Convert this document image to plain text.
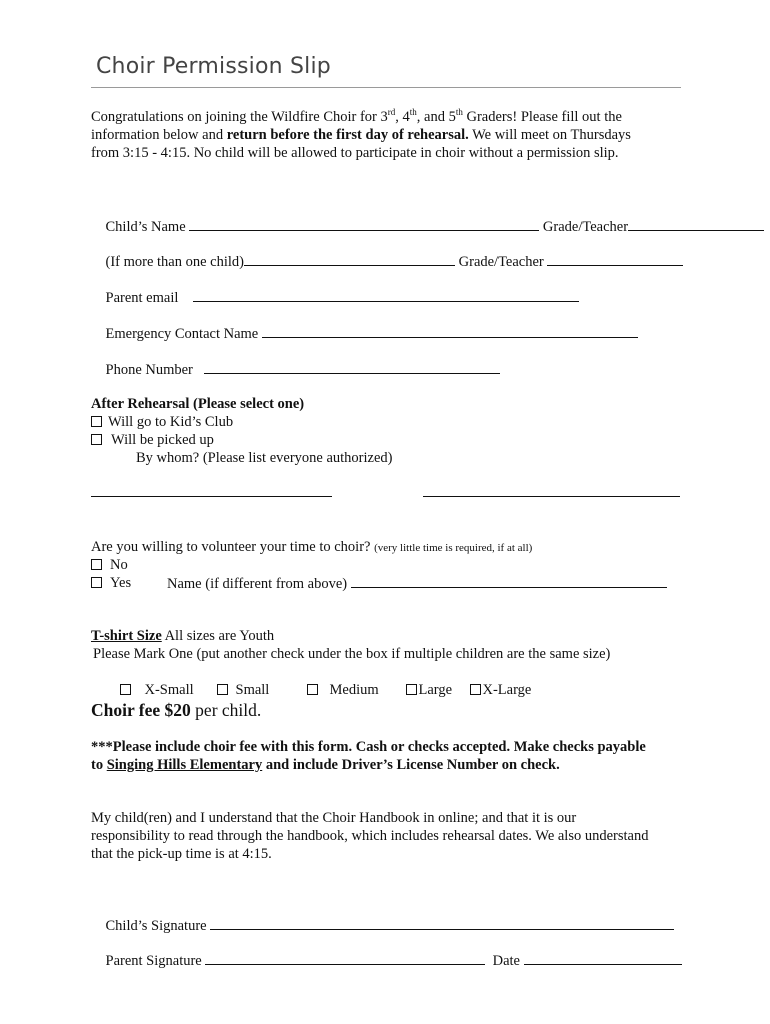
Choir Permission Slip
Congratulations on joining the Wildfire Choir for 3rd, 4th, and 5th Graders! Please fill out the
information below and return before the first day of rehearsal. We will meet on Thursdays
from 3:15 - 4:15. No child will be allowed to participate in choir without a permission slip.

Child’s Name	Grade/Teacher

(If more than one child)	Grade/Teacher

Parent email

Emergency Contact Name

Phone Number

After Rehearsal (Please select one)
Will go to Kid’s Club
Will be picked up
By whom? (Please list everyone authorized)
Are you willing to volunteer your time to choir? (very little time is required, if at all)
No
Yes Name (if different from above)
T-shirt Size All sizes are Youth
Please Mark One (put another check under the box if multiple children are the same size)

X-Small
	Small
	Medium
	Large
	X-Large

Choir fee $20 per child.
***Please include choir fee with this form. Cash or checks accepted. Make checks payable
to Singing Hills Elementary and include Driver’s License Number on check.
My child(ren) and I understand that the Choir Handbook in online; and that it is our
responsibility to read through the handbook, which includes rehearsal dates. We also understand
that the pick-up time is at 4:15.

Child’s Signature

Parent Signature	Date
